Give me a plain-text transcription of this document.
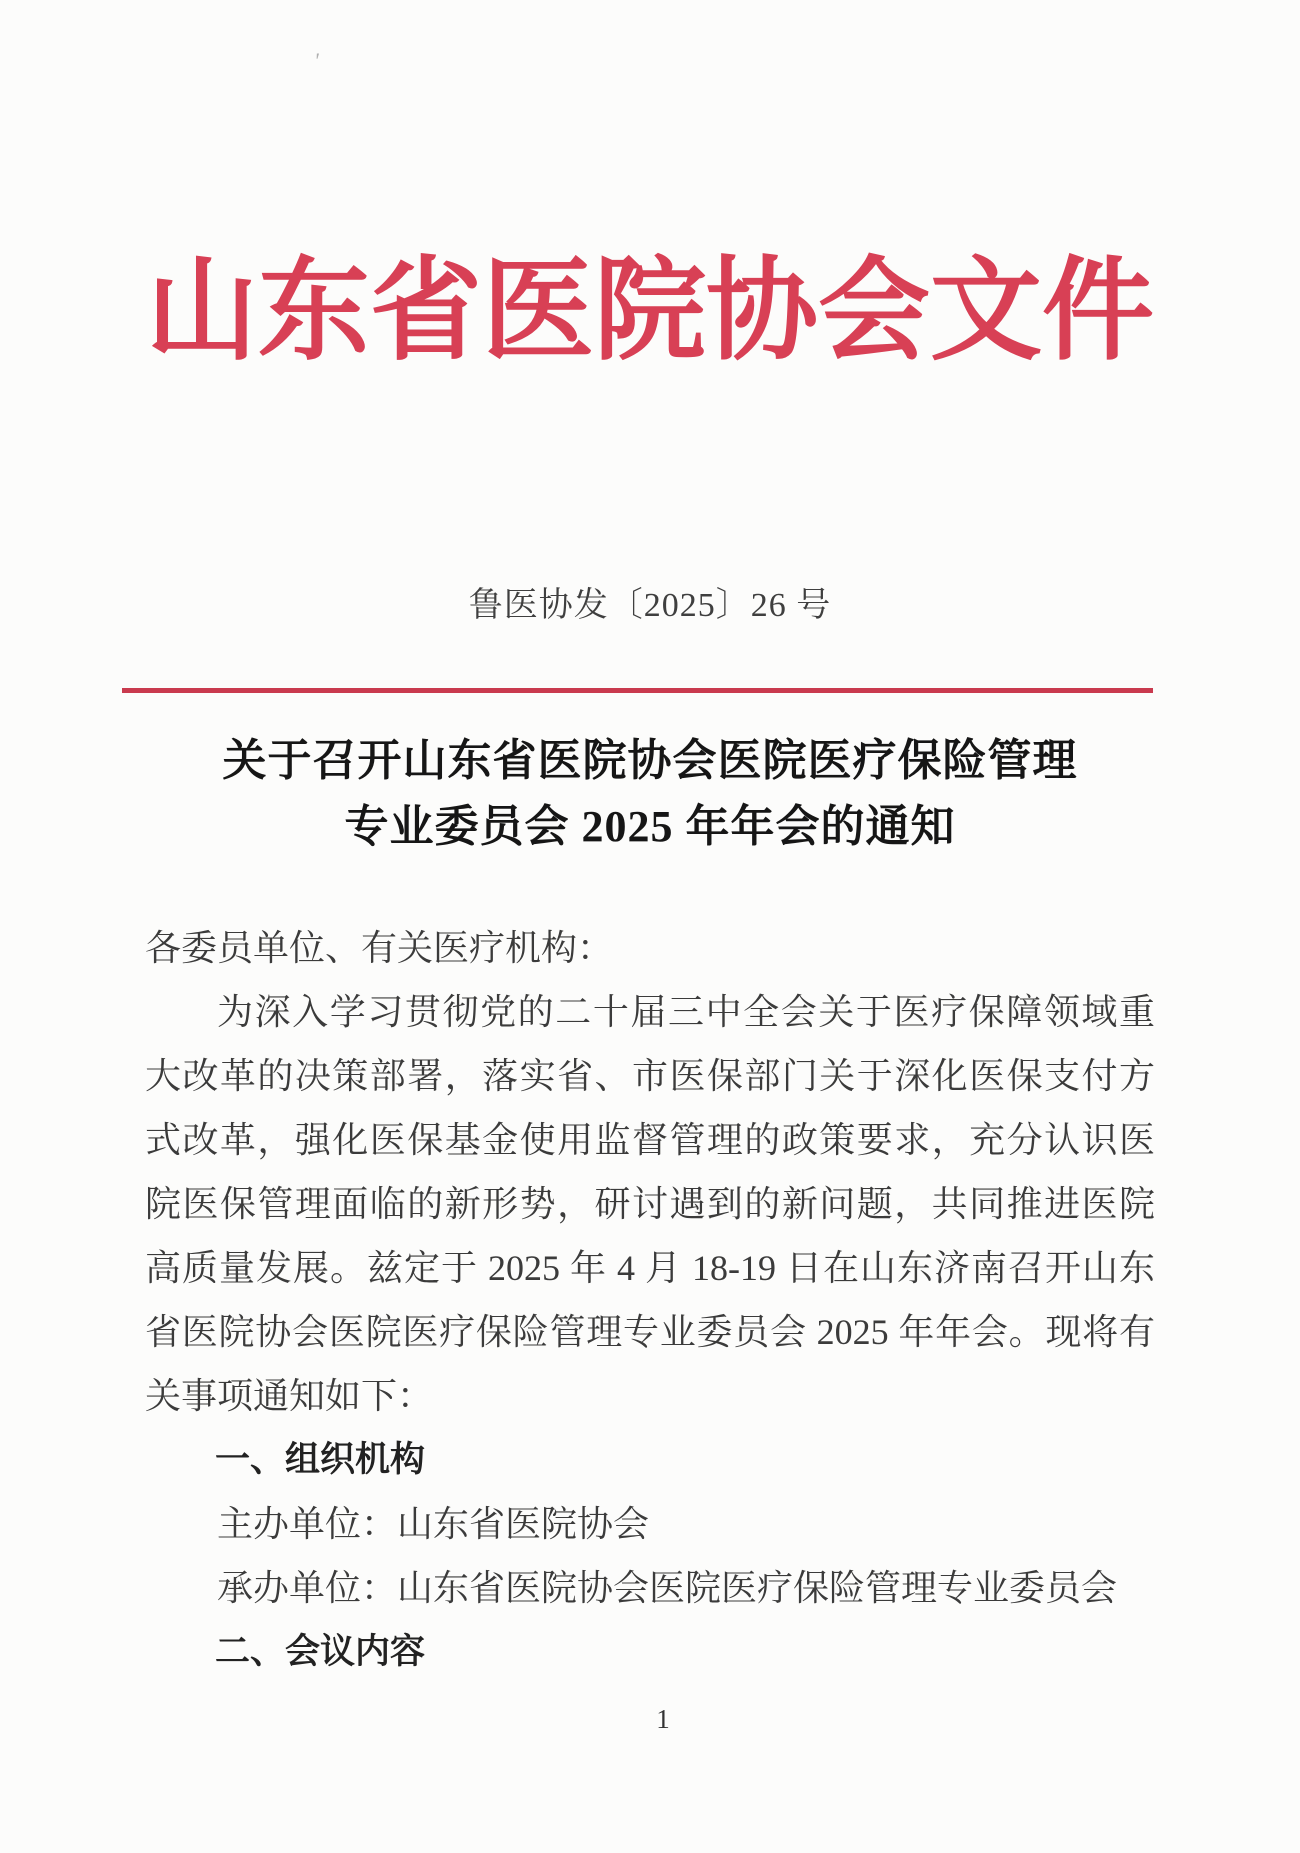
'
山东省医院协会文件
鲁医协发〔2025〕26 号
关于召开山东省医院协会医院医疗保险管理
专业委员会 2025 年年会的通知

各委员单位、有关医疗机构：

为深入学习贯彻党的二十届三中全会关于医疗保障领域重
大改革的决策部署，落实省、市医保部门关于深化医保支付方
式改革，强化医保基金使用监督管理的政策要求，充分认识医
院医保管理面临的新形势，研讨遇到的新问题，共同推进医院
高质量发展。兹定于 2025 年 4 月 18-19 日在山东济南召开山东
省医院协会医院医疗保险管理专业委员会 2025 年年会。现将有
关事项通知如下：

一、组织机构

主办单位：山东省医院协会

承办单位：山东省医院协会医院医疗保险管理专业委员会

二、会议内容

1
